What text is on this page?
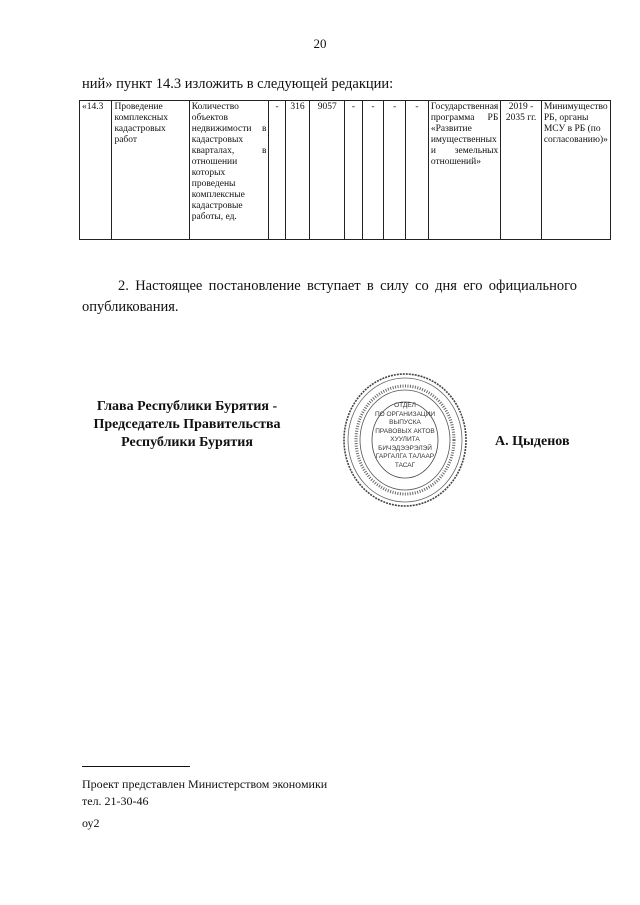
20
ний» пункт 14.3 изложить в следующей редакции:
«14.3	Проведение комплексных кадастровых работ	Количество объектов недвижимости в кадастровых кварталах, в отношении которых проведены комплексные кадастровые работы, ед.	-	316	9057	-	-	-	-	Государственная программа РБ «Развитие имущественных и земельных отношений»	2019 - 2035 гг.	Минимущество РБ, органы МСУ в РБ (по согласованию)»
2. Настоящее постановление вступает в силу со дня его официального опубликования.
Глава Республики Бурятия -
Председатель Правительства
Республики Бурятия
ОТДЕЛ
ПО ОРГАНИЗАЦИИ
ВЫПУСКА
ПРАВОВЫХ АКТОВ
ХУУЛИТА
БИЧЭДЭЭРЭЛЭЙ
ГАРГАЛГА ТАЛААР
ТАСАГ
А. Цыденов
Проект представлен Министерством экономики
тел. 21-30-46
оу2
